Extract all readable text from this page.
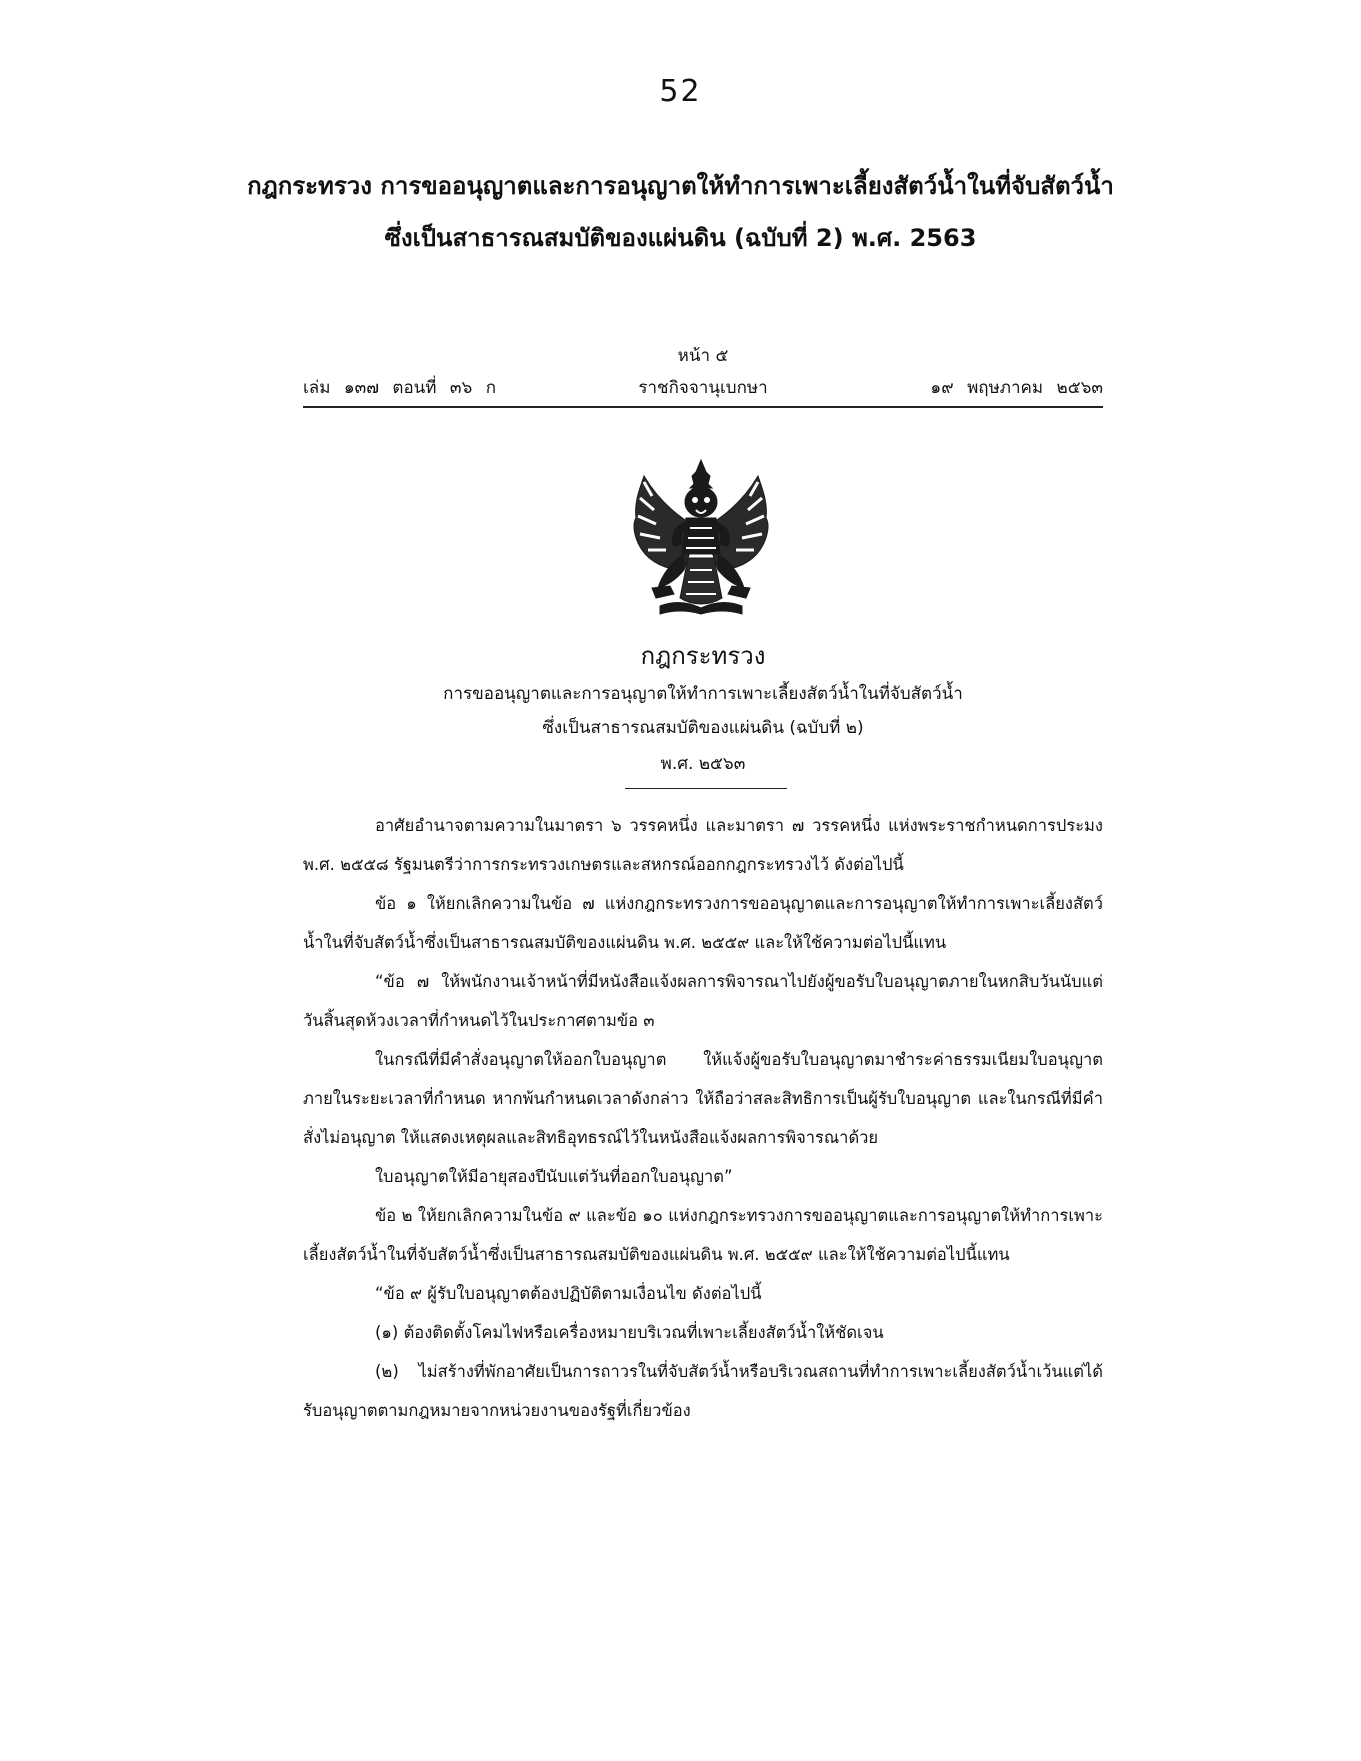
52
กฎกระทรวง การขออนุญาตและการอนุญาตให้ทำการเพาะเลี้ยงสัตว์น้ำในที่จับสัตว์น้ำ
ซึ่งเป็นสาธารณสมบัติของแผ่นดิน (ฉบับที่ 2) พ.ศ. 2563
หน้า ๕
เล่ม ๑๓๗ ตอนที่ ๓๖ ก	ราชกิจจานุเบกษา	๑๙ พฤษภาคม ๒๕๖๓
กฎกระทรวง
การขออนุญาตและการอนุญาตให้ทำการเพาะเลี้ยงสัตว์น้ำในที่จับสัตว์น้ำ
ซึ่งเป็นสาธารณสมบัติของแผ่นดิน (ฉบับที่ ๒)
พ.ศ. ๒๕๖๓

อาศัยอำนาจตามความในมาตรา ๖ วรรคหนึ่ง และมาตรา ๗ วรรคหนึ่ง แห่งพระราชกำหนดการประมง พ.ศ. ๒๕๕๘ รัฐมนตรีว่าการกระทรวงเกษตรและสหกรณ์ออกกฎกระทรวงไว้ ดังต่อไปนี้

ข้อ ๑ ให้ยกเลิกความในข้อ ๗ แห่งกฎกระทรวงการขออนุญาตและการอนุญาตให้ทำการเพาะเลี้ยงสัตว์น้ำในที่จับสัตว์น้ำซึ่งเป็นสาธารณสมบัติของแผ่นดิน พ.ศ. ๒๕๕๙ และให้ใช้ความต่อไปนี้แทน

“ข้อ ๗ ให้พนักงานเจ้าหน้าที่มีหนังสือแจ้งผลการพิจารณาไปยังผู้ขอรับใบอนุญาตภายในหกสิบวันนับแต่วันสิ้นสุดห้วงเวลาที่กำหนดไว้ในประกาศตามข้อ ๓

ในกรณีที่มีคำสั่งอนุญาตให้ออกใบอนุญาต ให้แจ้งผู้ขอรับใบอนุญาตมาชำระค่าธรรมเนียมใบอนุญาตภายในระยะเวลาที่กำหนด หากพ้นกำหนดเวลาดังกล่าว ให้ถือว่าสละสิทธิการเป็นผู้รับใบอนุญาต และในกรณีที่มีคำสั่งไม่อนุญาต ให้แสดงเหตุผลและสิทธิอุทธรณ์ไว้ในหนังสือแจ้งผลการพิจารณาด้วย

ใบอนุญาตให้มีอายุสองปีนับแต่วันที่ออกใบอนุญาต”

ข้อ ๒ ให้ยกเลิกความในข้อ ๙ และข้อ ๑๐ แห่งกฎกระทรวงการขออนุญาตและการอนุญาตให้ทำการเพาะเลี้ยงสัตว์น้ำในที่จับสัตว์น้ำซึ่งเป็นสาธารณสมบัติของแผ่นดิน พ.ศ. ๒๕๕๙ และให้ใช้ความต่อไปนี้แทน

“ข้อ ๙ ผู้รับใบอนุญาตต้องปฏิบัติตามเงื่อนไข ดังต่อไปนี้

(๑) ต้องติดตั้งโคมไฟหรือเครื่องหมายบริเวณที่เพาะเลี้ยงสัตว์น้ำให้ชัดเจน

(๒) ไม่สร้างที่พักอาศัยเป็นการถาวรในที่จับสัตว์น้ำหรือบริเวณสถานที่ทำการเพาะเลี้ยงสัตว์น้ำเว้นแต่ได้รับอนุญาตตามกฎหมายจากหน่วยงานของรัฐที่เกี่ยวข้อง
